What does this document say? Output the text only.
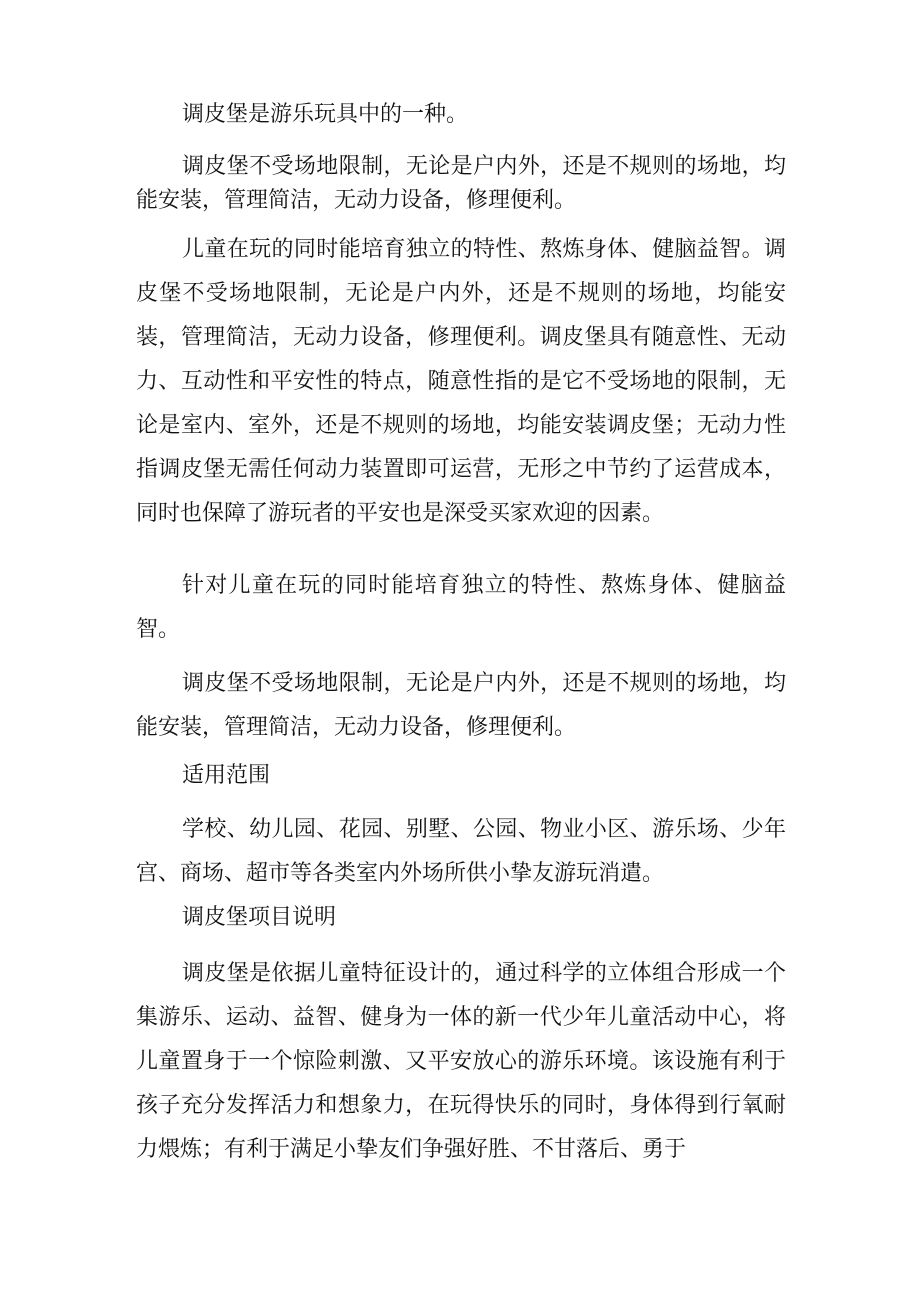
调皮堡是游乐玩具中的一种。

调皮堡不受场地限制，无论是户内外，还是不规则的场地，均能安装，管理简洁，无动力设备，修理便利。

儿童在玩的同时能培育独立的特性、熬炼身体、健脑益智。调皮堡不受场地限制，无论是户内外，还是不规则的场地，均能安装，管理简洁，无动力设备，修理便利。调皮堡具有随意性、无动力、互动性和平安性的特点，随意性指的是它不受场地的限制，无论是室内、室外，还是不规则的场地，均能安装调皮堡；无动力性指调皮堡无需任何动力装置即可运营，无形之中节约了运营成本，同时也保障了游玩者的平安也是深受买家欢迎的因素。

针对儿童在玩的同时能培育独立的特性、熬炼身体、健脑益智。

调皮堡不受场地限制，无论是户内外，还是不规则的场地，均能安装，管理简洁，无动力设备，修理便利。

适用范围

学校、幼儿园、花园、别墅、公园、物业小区、游乐场、少年宫、商场、超市等各类室内外场所供小挚友游玩消遣。

调皮堡项目说明

调皮堡是依据儿童特征设计的，通过科学的立体组合形成一个集游乐、运动、益智、健身为一体的新一代少年儿童活动中心，将儿童置身于一个惊险刺激、又平安放心的游乐环境。该设施有利于孩子充分发挥活力和想象力，在玩得快乐的同时，身体得到行氧耐力煨炼；有利于满足小挚友们争强好胜、不甘落后、勇于
